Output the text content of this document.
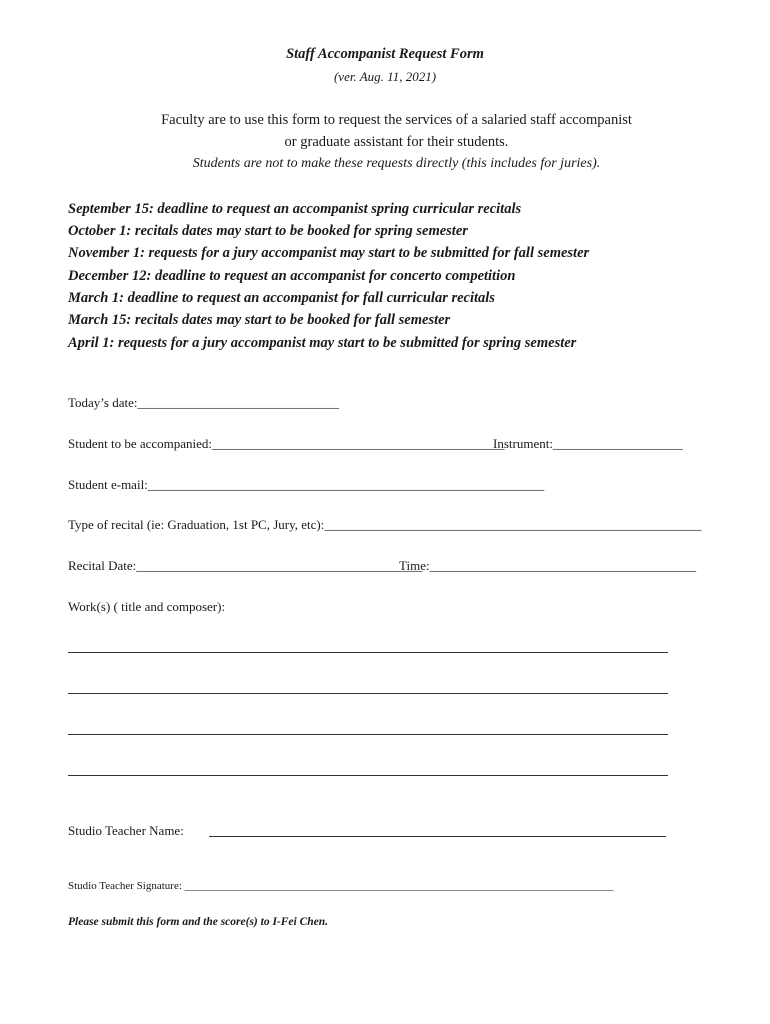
Staff Accompanist Request Form
(ver. Aug. 11, 2021)
Faculty are to use this form to request the services of a salaried staff accompanist
or graduate assistant for their students.
Students are not to make these requests directly (this includes for juries).
September 15: deadline to request an accompanist spring curricular recitals
October 1: recitals dates may start to be booked for spring semester
November 1: requests for a jury accompanist may start to be submitted for fall semester
December 12: deadline to request an accompanist for concerto competition
March 1: deadline to request an accompanist for fall curricular recitals
March 15: recitals dates may start to be booked for fall semester
April 1: requests for a jury accompanist may start to be submitted for spring semester
Today’s date:_______________________________
Student to be accompanied:_____________________________________________
Instrument:____________________
Student e-mail:_____________________________________________________________
Type of recital (ie: Graduation, 1st PC, Jury, etc):__________________________________________________________
Recital Date:____________________________________________
Time:_________________________________________
Work(s) ( title and composer):
Studio Teacher Name:
Studio Teacher Signature: ______________________________________________________________________________
Please submit this form and the score(s) to I-Fei Chen.
